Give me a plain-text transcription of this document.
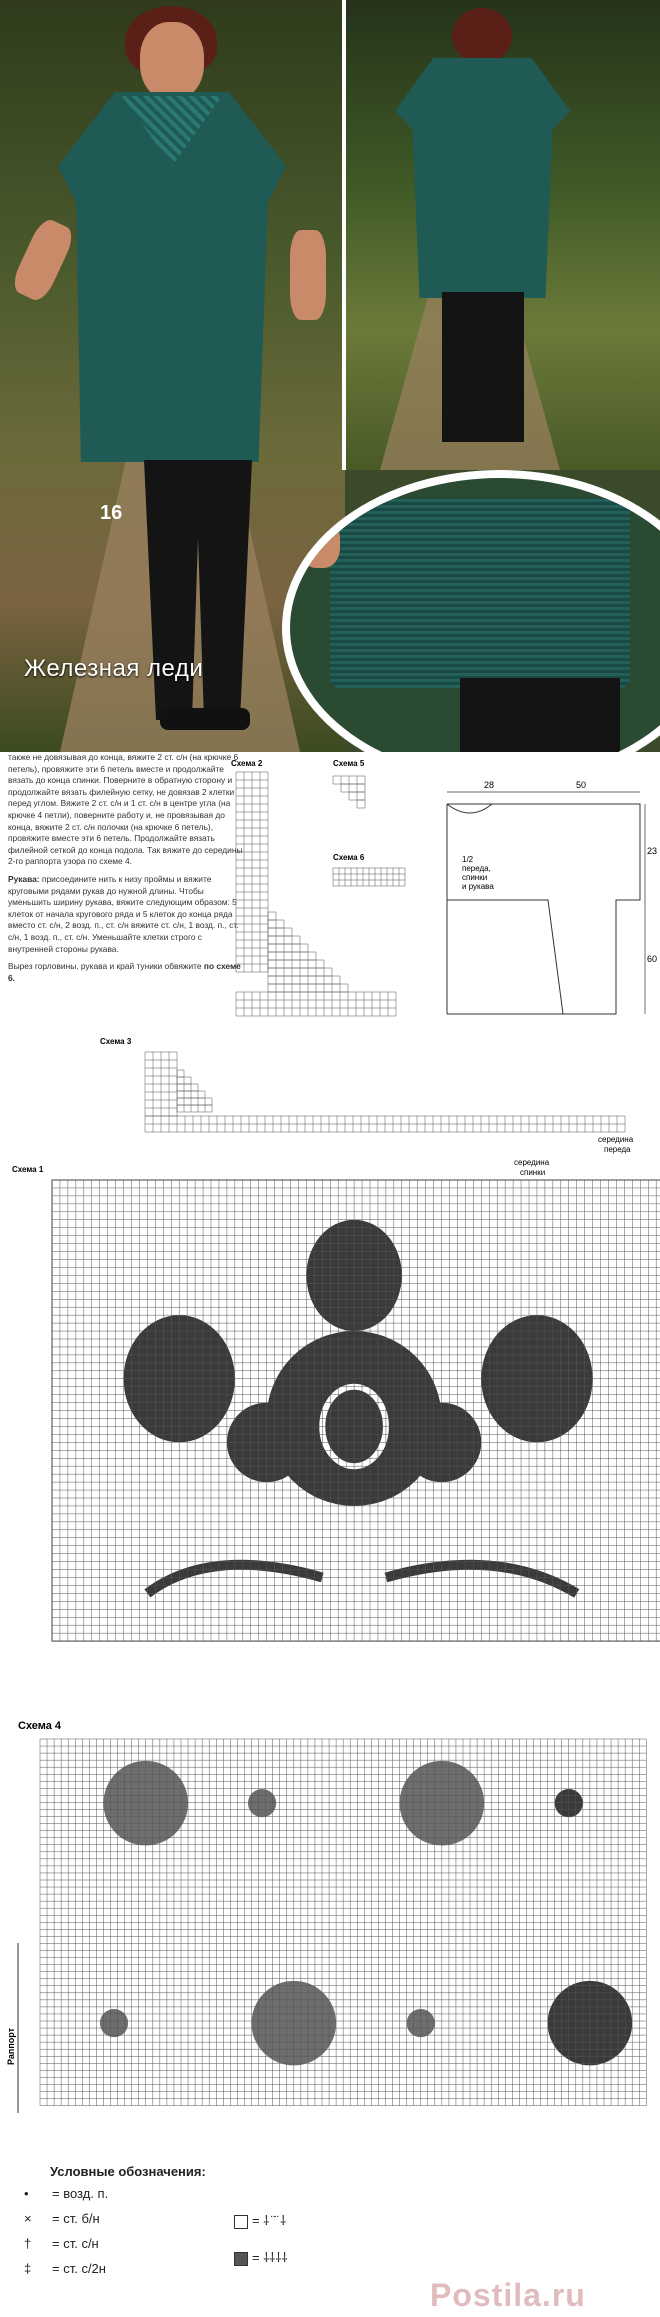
16
Железная леди

также не довязывая до конца, вяжите 2 ст. с/н (на крючке 6 петель), провяжите эти 6 петель вместе и продолжайте вязать до конца спинки. Поверните в обратную сторону и продолжайте вязать филейную сетку, не довязав 2 клетки перед углом. Вяжите 2 ст. с/н и 1 ст. с/н в центре угла (на крючке 4 петли), поверните работу и, не провязывая до конца, вяжите 2 ст. с/н полочки (на крючке 6 петель), провяжите вместе эти 6 петель. Продолжайте вязать филейной сеткой до конца подола. Так вяжите до середины 2-го раппорта узора по схеме 4.

Рукава: присоедините нить к низу проймы и вяжите круговыми рядами рукав до нужной длины. Чтобы уменьшить ширину рукава, вяжите следующим образом: 5 клеток от начала кругового ряда и 5 клеток до конца ряда вместо ст. с/н, 2 возд. п., ст. с/н вяжите ст. с/н, 1 возд. п., ст. с/н, 1 возд. п., ст. с/н. Уменьшайте клетки строго с внутренней стороны рукава.

Вырез горловины, рукава и край туники обвяжите по схеме 6.

Схема 2
Схема 3
середина
переда
середина
спинки
Схема 5
Схема 6
28	50
23
60
1/2
переда,
спинки
и рукава
Схема 1
Схема 4
Раппорт
Условные обозначения:
• = возд. п.
× = ст. б/н
† = ст. с/н
‡ = ст. с/2н
= ⸸ ̈ ̈ ⸸
= ⸸⸸⸸⸸
Postila.ru
